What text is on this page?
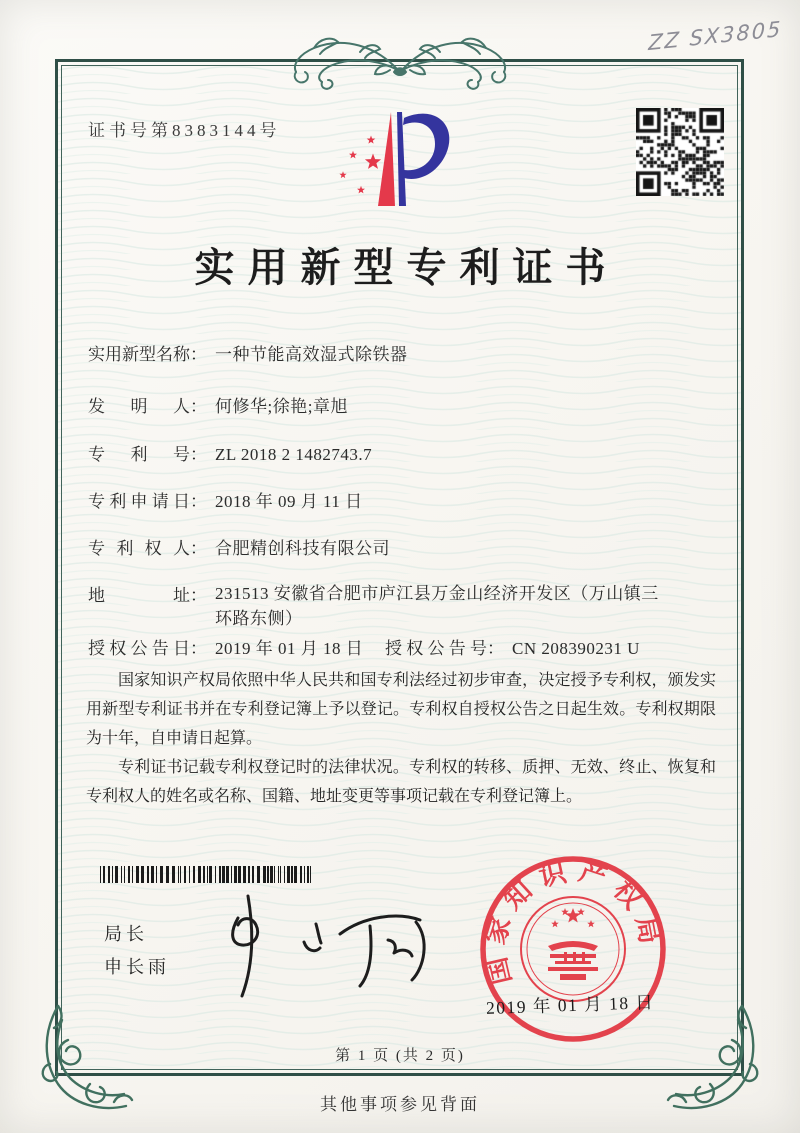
ZZ SX3805
证书号第8383144号
实用新型专利证书
实用新型名称： 一种节能高效湿式除铁器
发明人： 何修华;徐艳;章旭
专利号： ZL 2018 2 1482743.7
专利申请日： 2018 年 09 月 11 日
专利权人： 合肥精创科技有限公司
地址： 231513 安徽省合肥市庐江县万金山经济开发区（万山镇三环路东侧）
授权公告日： 2019 年 01 月 18 日 授权公告号： CN 208390231 U

国家知识产权局依照中华人民共和国专利法经过初步审查，决定授予专利权，颁发实用新型专利证书并在专利登记簿上予以登记。专利权自授权公告之日起生效。专利权期限为十年，自申请日起算。

专利证书记载专利权登记时的法律状况。专利权的转移、质押、无效、终止、恢复和专利权人的姓名或名称、国籍、地址变更等事项记载在专利登记簿上。

局长
申长雨	国家知识产权局
2019 年 01 月 18 日
第 1 页 (共 2 页)
其他事项参见背面
